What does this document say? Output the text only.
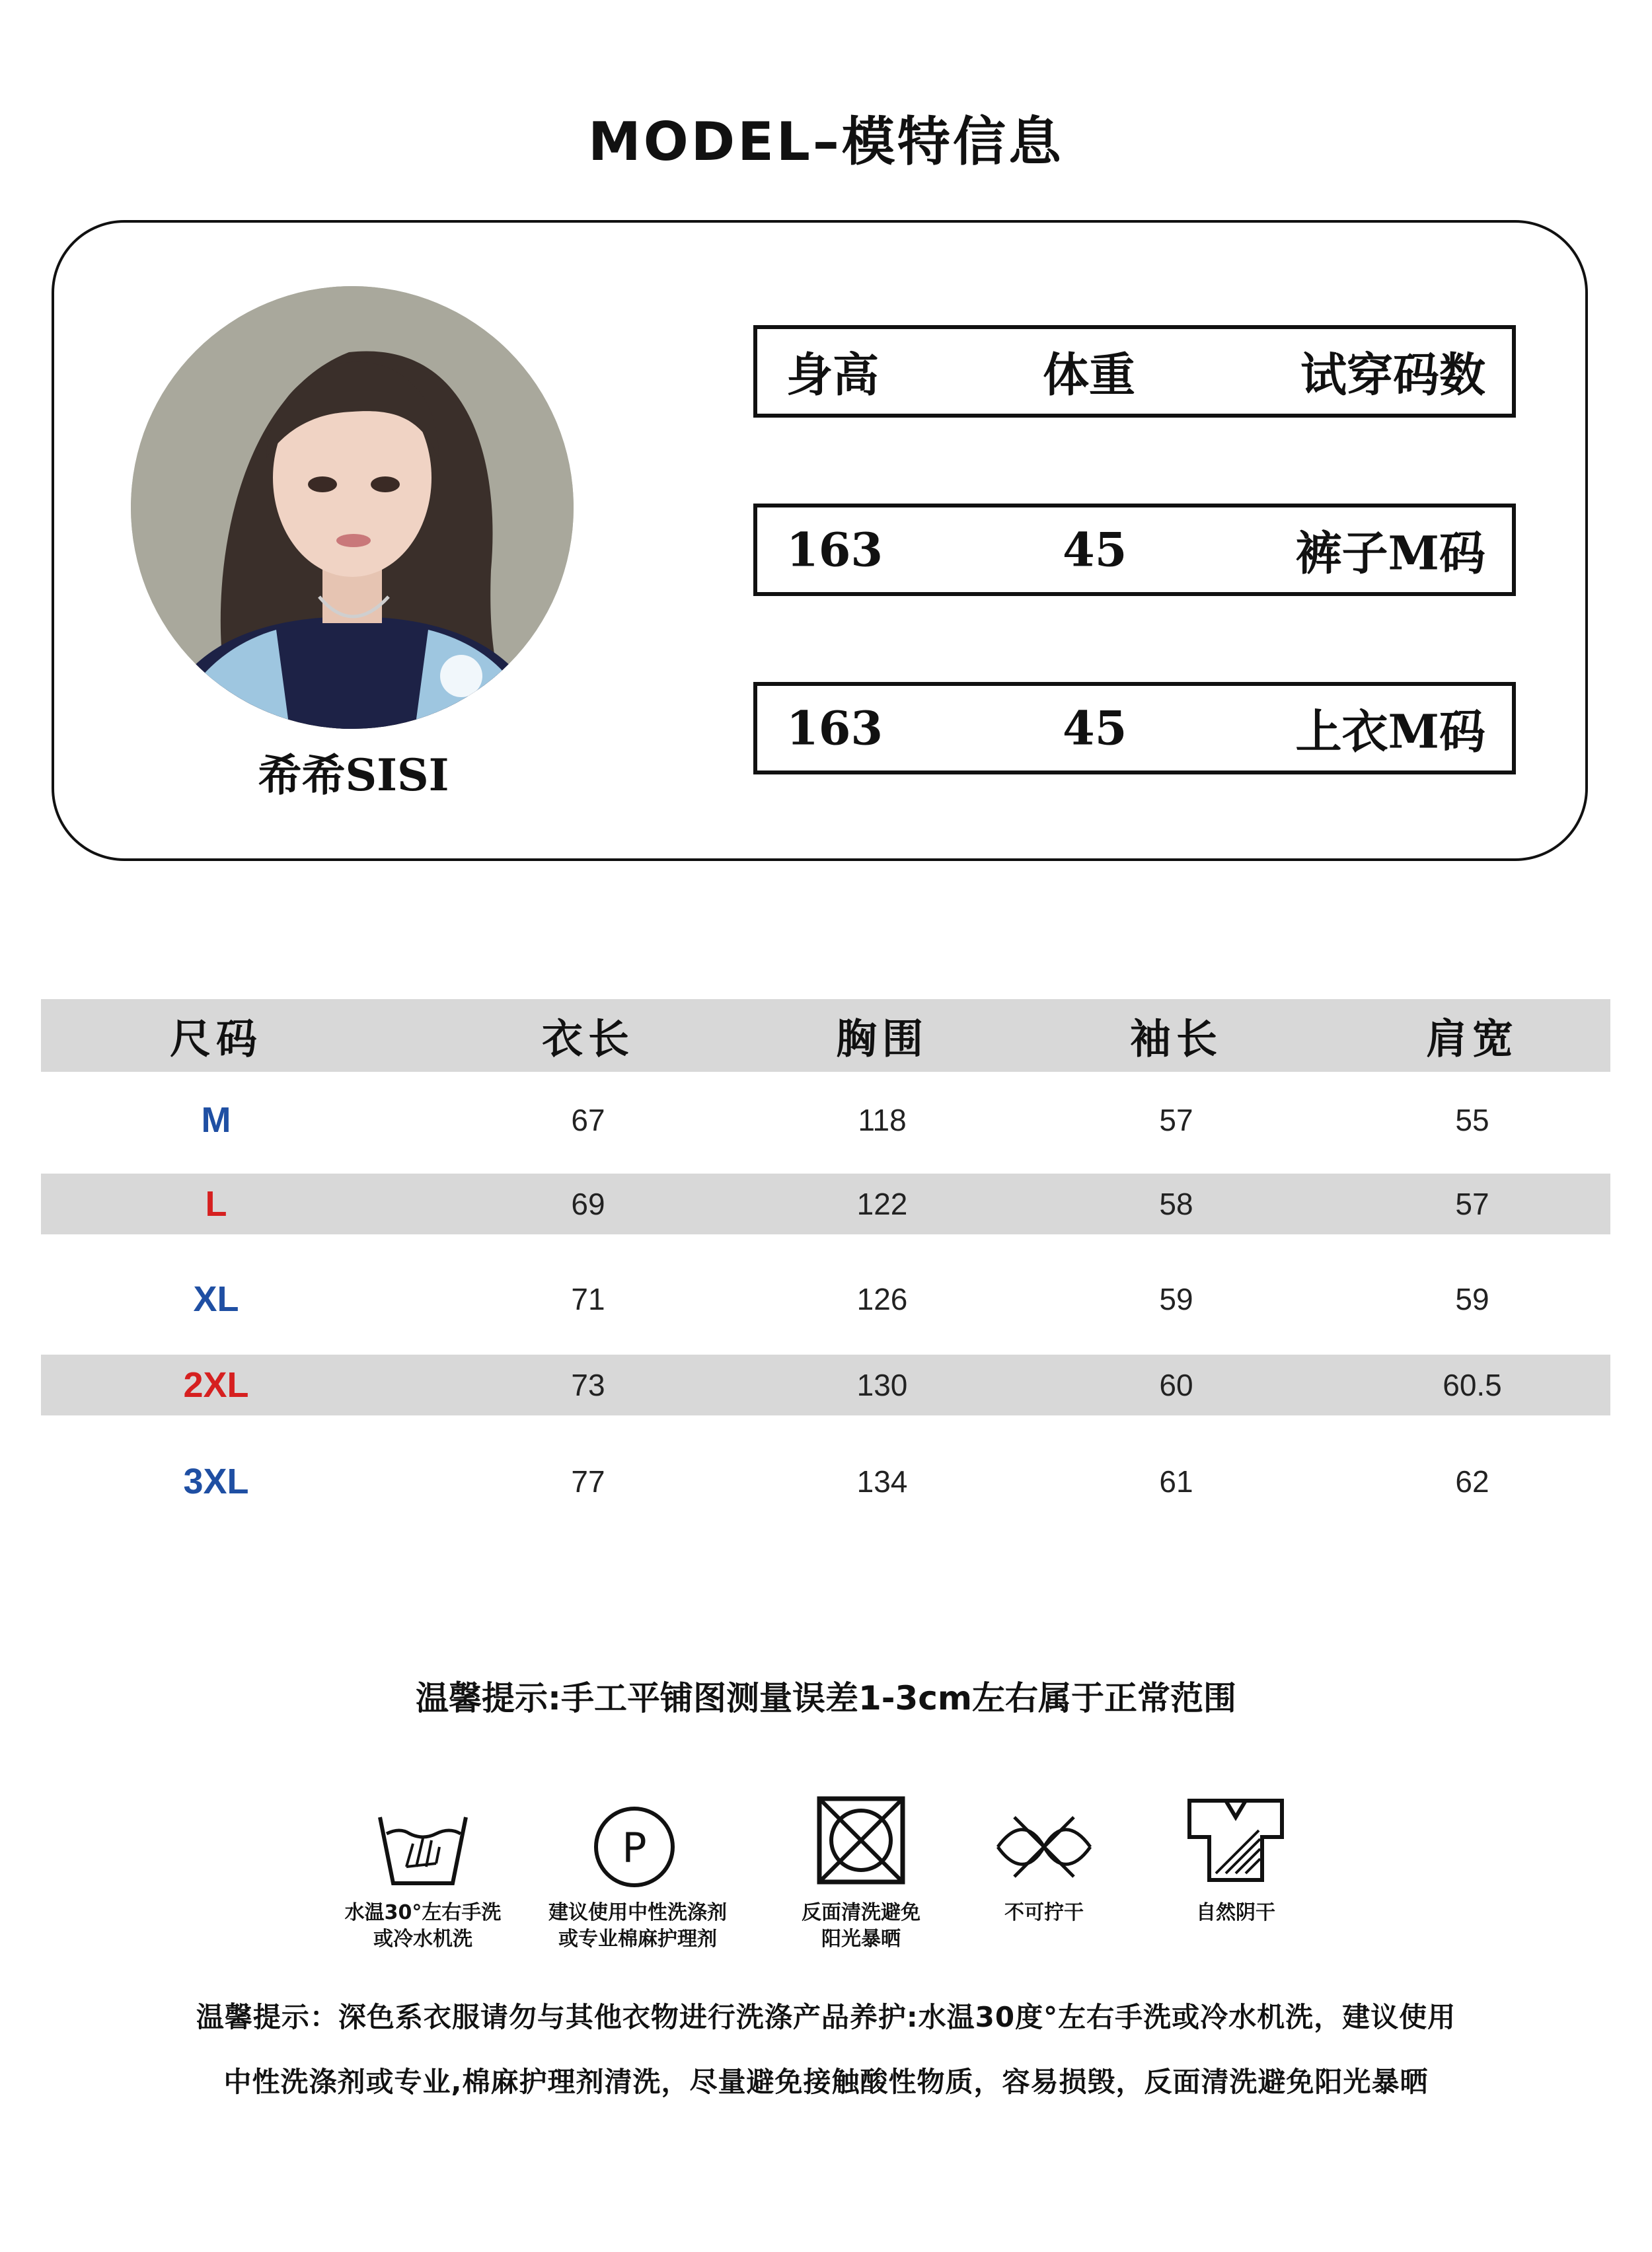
MODEL–模特信息
希希SISI
身高	体重	试穿码数
163	45	裤子M码
163	45	上衣M码
尺码	衣长	胸围	袖长	肩宽
M	67	118	57	55
L	69	122	58	57
XL	71	126	59	59
2XL	73	130	60	60.5
3XL	77	134	61	62
温馨提示:手工平铺图测量误差1-3cm左右属于正常范围
P
水温30°左右手洗
或冷水机洗
建议使用中性洗涤剂
或专业棉麻护理剂
反面清洗避免
阳光暴晒
不可拧干	自然阴干
温馨提示：深色系衣服请勿与其他衣物进行洗涤产品养护:水温30度°左右手洗或冷水机洗，建议使用
中性洗涤剂或专业,棉麻护理剂清洗，尽量避免接触酸性物质，容易损毁，反面清洗避免阳光暴晒
